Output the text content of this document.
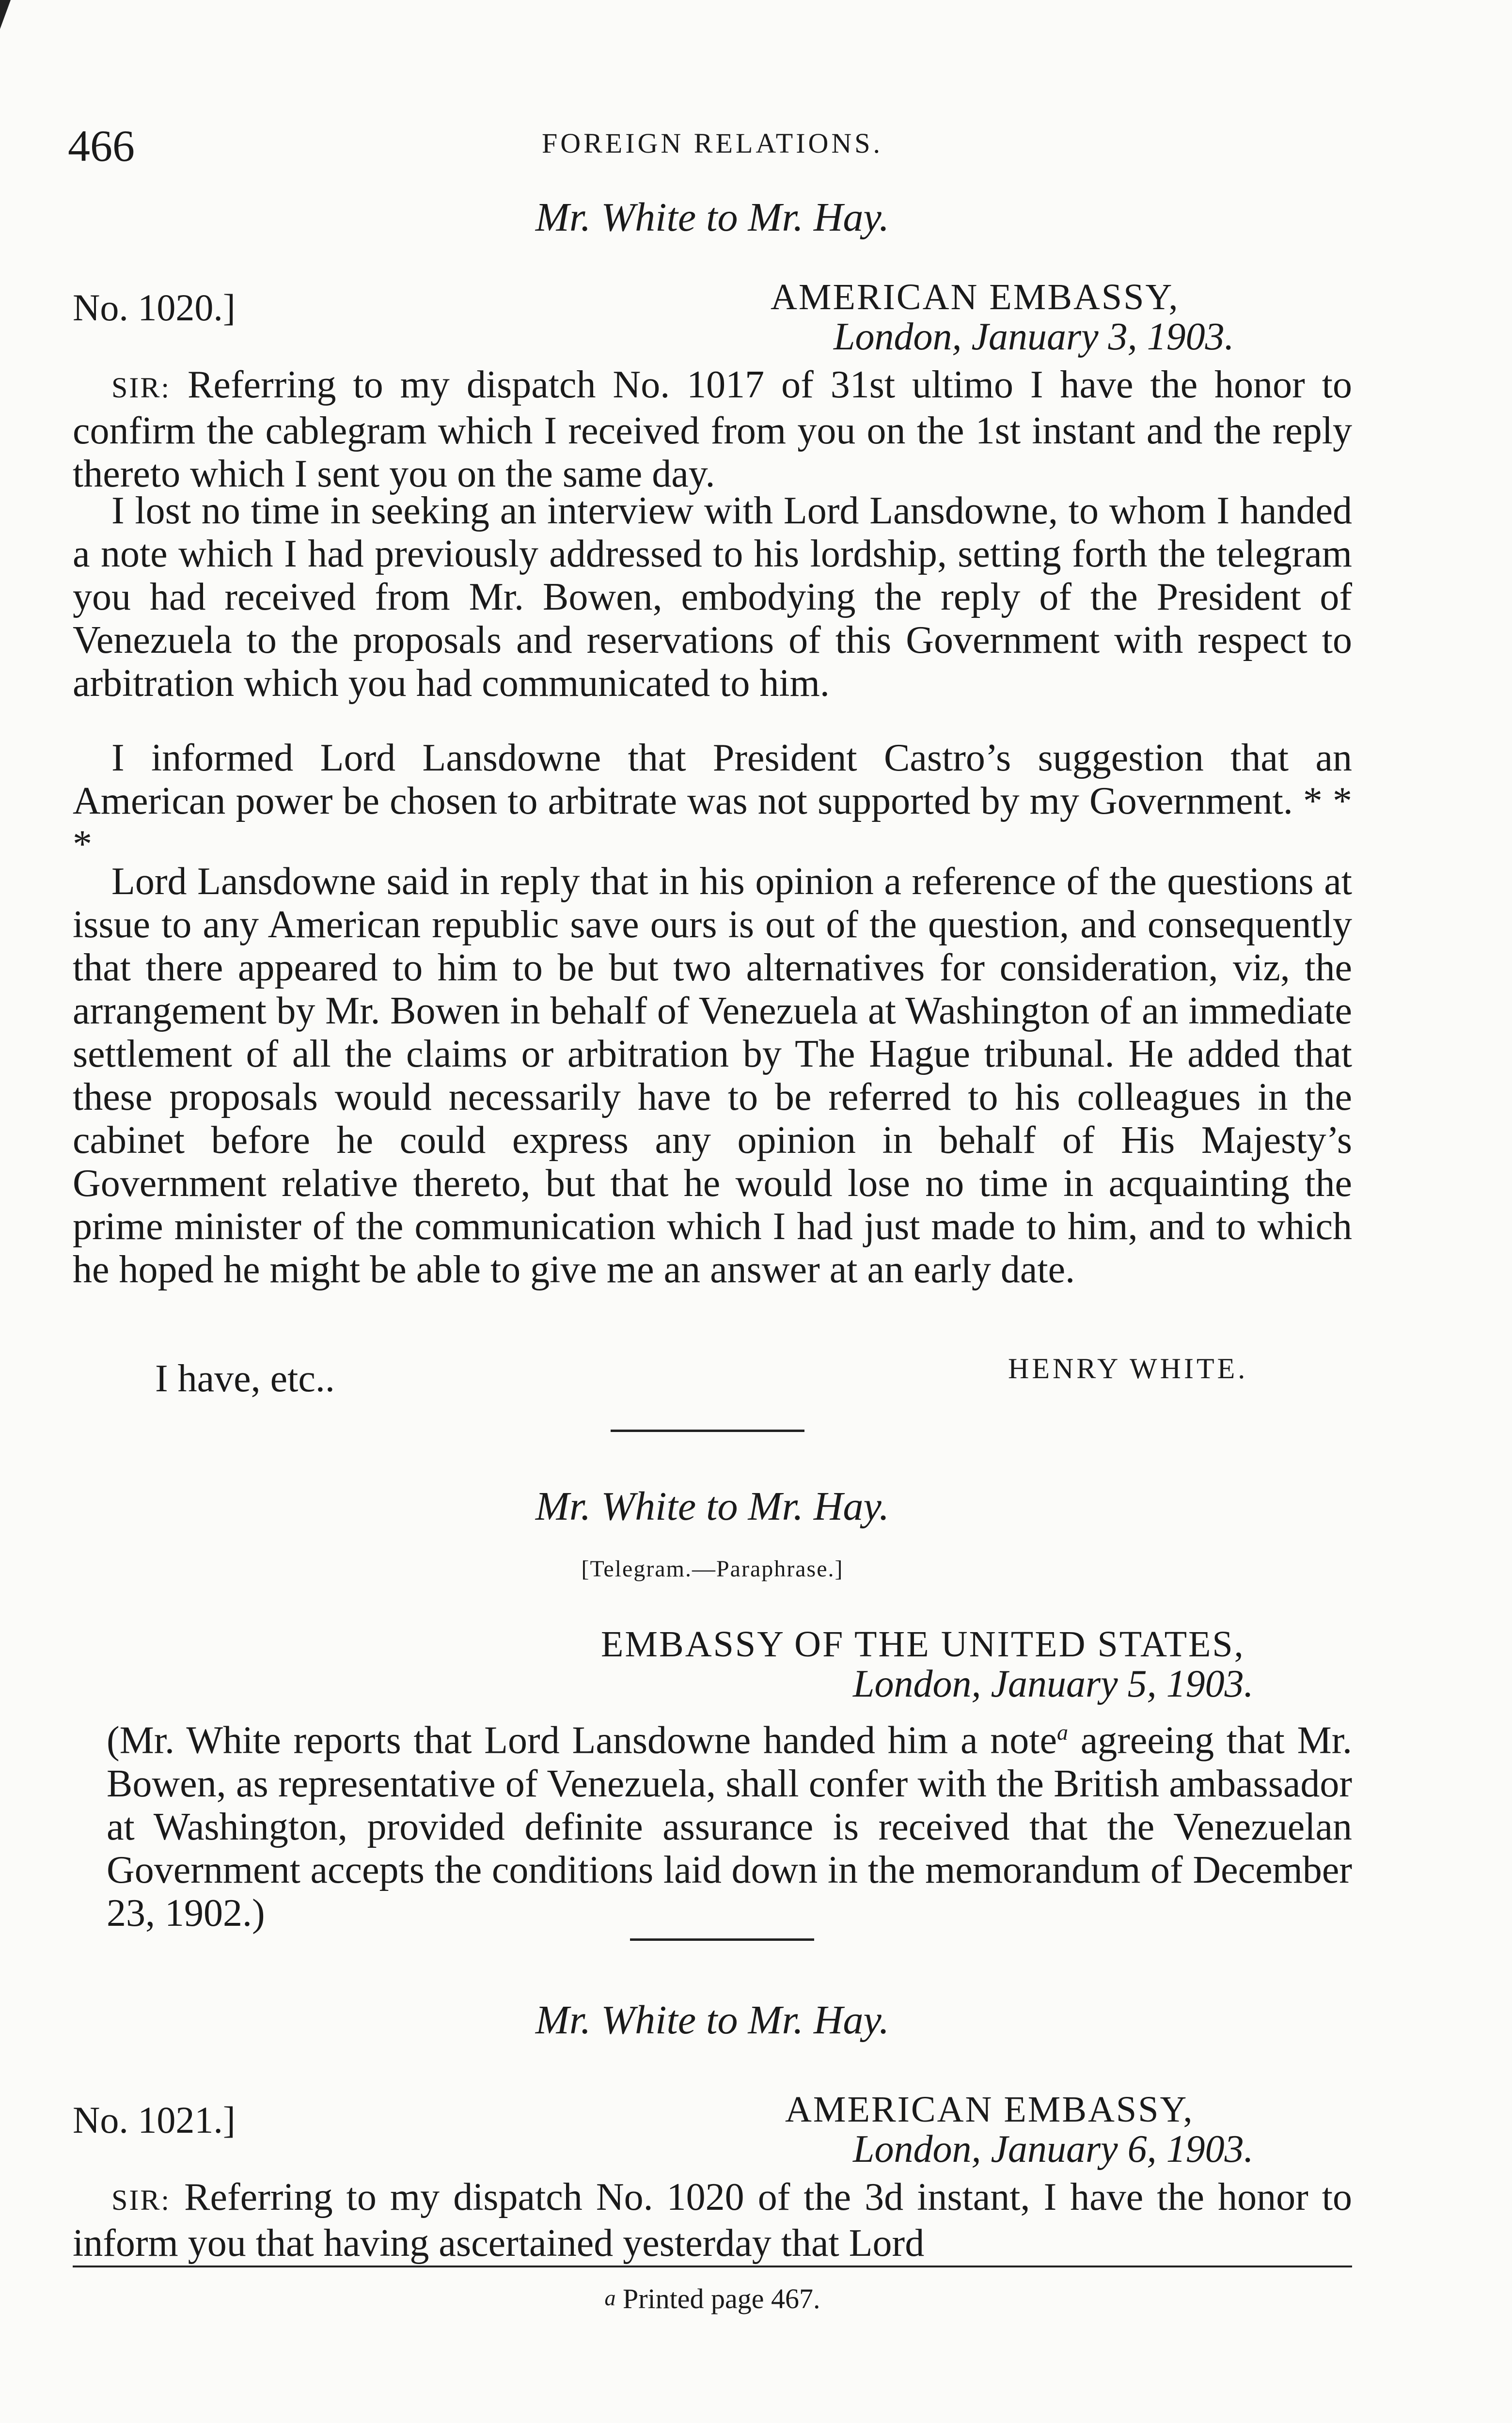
466	FOREIGN RELATIONS.
Mr. White to Mr. Hay.
No. 1020.]	AMERICAN EMBASSY,
London, January 3, 1903.
SIR: Referring to my dispatch No. 1017 of 31st ultimo I have the honor to confirm the cablegram which I received from you on the 1st instant and the reply thereto which I sent you on the same day.
I lost no time in seeking an interview with Lord Lansdowne, to whom I handed a note which I had previously addressed to his lordship, setting forth the telegram you had received from Mr. Bowen, embodying the reply of the President of Venezuela to the proposals and reservations of this Government with respect to arbitration which you had communicated to him.
I informed Lord Lansdowne that President Castro’s suggestion that an American power be chosen to arbitrate was not supported by my Government. * * *
Lord Lansdowne said in reply that in his opinion a reference of the questions at issue to any American republic save ours is out of the question, and consequently that there appeared to him to be but two alternatives for consideration, viz, the arrangement by Mr. Bowen in behalf of Venezuela at Washington of an immediate settlement of all the claims or arbitration by The Hague tribunal. He added that these proposals would necessarily have to be referred to his colleagues in the cabinet before he could express any opinion in behalf of His Majesty’s Government relative thereto, but that he would lose no time in acquainting the prime minister of the communication which I had just made to him, and to which he hoped he might be able to give me an answer at an early date.
I have, etc..	HENRY WHITE.
Mr. White to Mr. Hay.
[Telegram.—Paraphrase.]
EMBASSY OF THE UNITED STATES,
London, January 5, 1903.
(Mr. White reports that Lord Lansdowne handed him a note$^a$ agreeing that Mr. Bowen, as representative of Venezuela, shall confer with the British ambassador at Washington, provided definite assurance is received that the Venezuelan Government accepts the conditions laid down in the memorandum of December 23, 1902.)
Mr. White to Mr. Hay.
No. 1021.]	AMERICAN EMBASSY,
London, January 6, 1903.
SIR: Referring to my dispatch No. 1020 of the 3d instant, I have the honor to inform you that having ascertained yesterday that Lord
a Printed page 467.
